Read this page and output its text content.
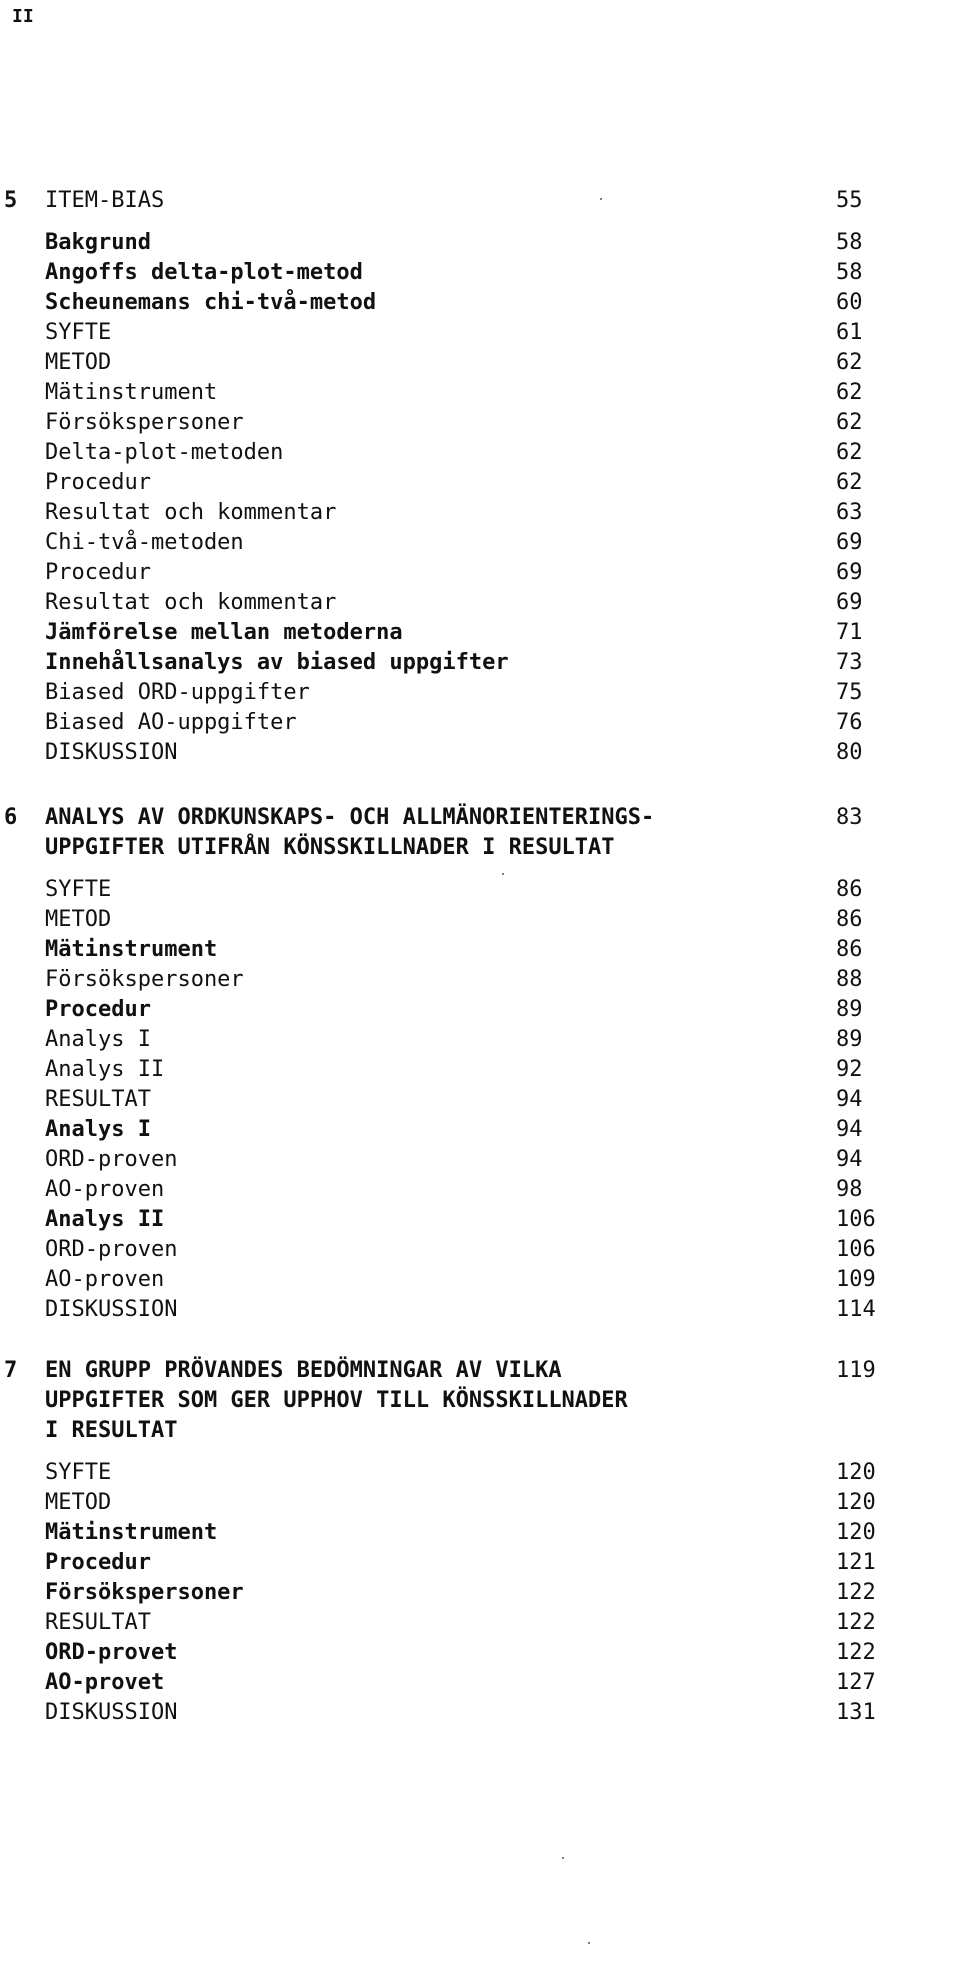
II
5 ITEM-BIAS	55
Bakgrund	58
Angoffs delta-plot-metod	58
Scheunemans chi-två-metod	60
SYFTE	61
METOD	62
Mätinstrument	62
Försökspersoner	62
Delta-plot-metoden	62
Procedur	62
Resultat och kommentar	63
Chi-två-metoden	69
Procedur	69
Resultat och kommentar	69
Jämförelse mellan metoderna	71
Innehållsanalys av biased uppgifter	73
Biased ORD-uppgifter	75
Biased AO-uppgifter	76
DISKUSSION	80
6 ANALYS AV ORDKUNSKAPS- OCH ALLMÄNORIENTERINGS-	83
UPPGIFTER UTIFRÅN KÖNSSKILLNADER I RESULTAT
SYFTE	86
METOD	86
Mätinstrument	86
Försökspersoner	88
Procedur	89
Analys I	89
Analys II	92
RESULTAT	94
Analys I	94
ORD-proven	94
AO-proven	98
Analys II	106
ORD-proven	106
AO-proven	109
DISKUSSION	114
7 EN GRUPP PRÖVANDES BEDÖMNINGAR AV VILKA	119
UPPGIFTER SOM GER UPPHOV TILL KÖNSSKILLNADER
I RESULTAT
SYFTE	120
METOD	120
Mätinstrument	120
Procedur	121
Försökspersoner	122
RESULTAT	122
ORD-provet	122
AO-provet	127
DISKUSSION	131
